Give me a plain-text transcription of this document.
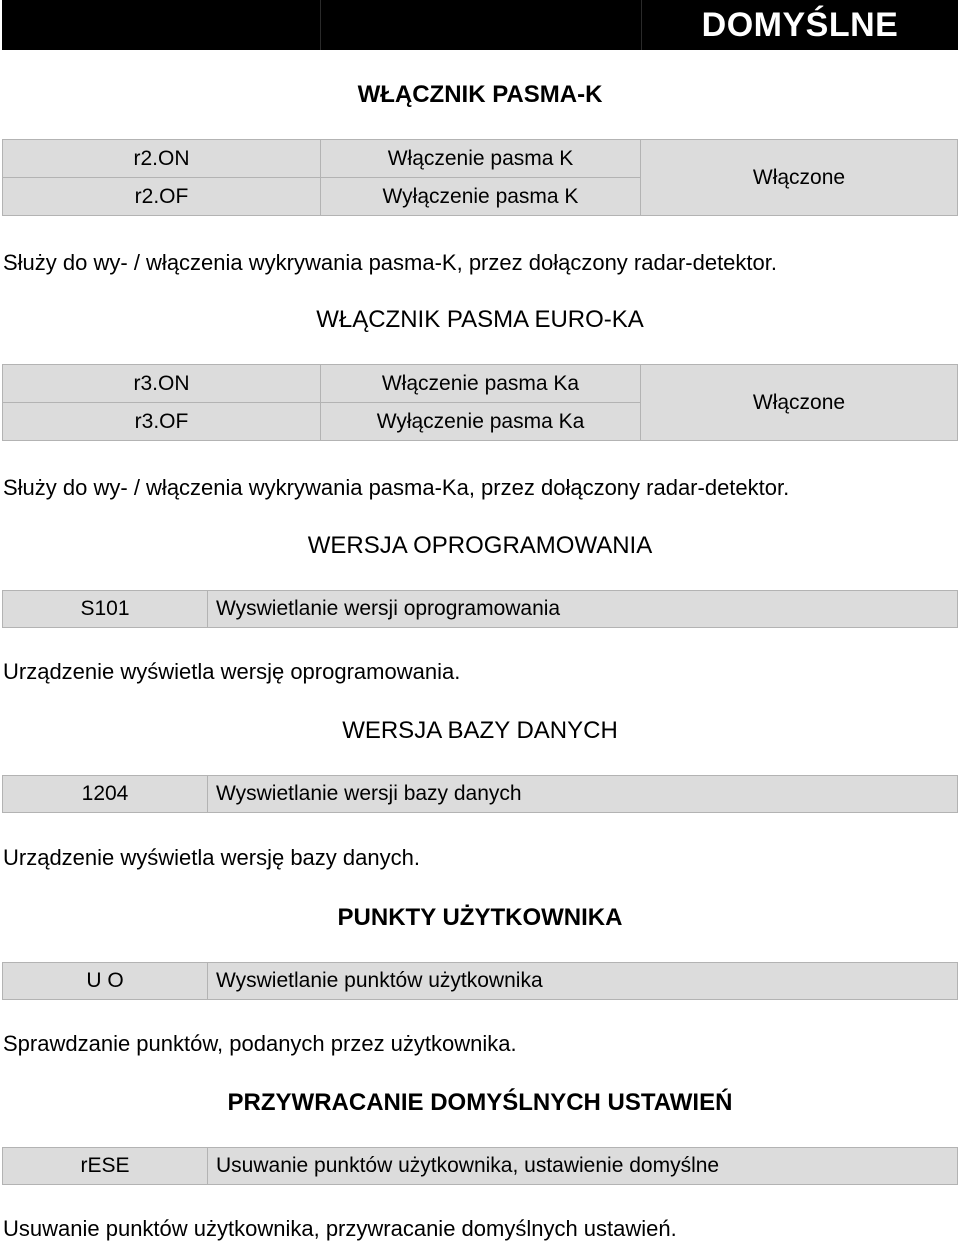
DOMYŚLNE
WŁĄCZNIK PASMA-K
r2.ON	Włączenie pasma K	Włączone
r2.OF	Wyłączenie pasma K	
Służy do wy- / włączenia wykrywania pasma-K, przez dołączony radar-detektor.
WŁĄCZNIK PASMA EURO-KA
r3.ON	Włączenie pasma Ka	Włączone
r3.OF	Wyłączenie pasma Ka	
Służy do wy- / włączenia wykrywania pasma-Ka, przez dołączony radar-detektor.
WERSJA OPROGRAMOWANIA
S101	Wyswietlanie wersji oprogramowania
Urządzenie wyświetla wersję oprogramowania.
WERSJA BAZY DANYCH
1204	Wyswietlanie wersji bazy danych
Urządzenie wyświetla wersję bazy danych.
PUNKTY UŻYTKOWNIKA
U O	Wyswietlanie punktów użytkownika
Sprawdzanie punktów, podanych przez użytkownika.
PRZYWRACANIE DOMYŚLNYCH USTAWIEŃ
rESE	Usuwanie punktów użytkownika, ustawienie domyślne
Usuwanie punktów użytkownika, przywracanie domyślnych ustawień.
